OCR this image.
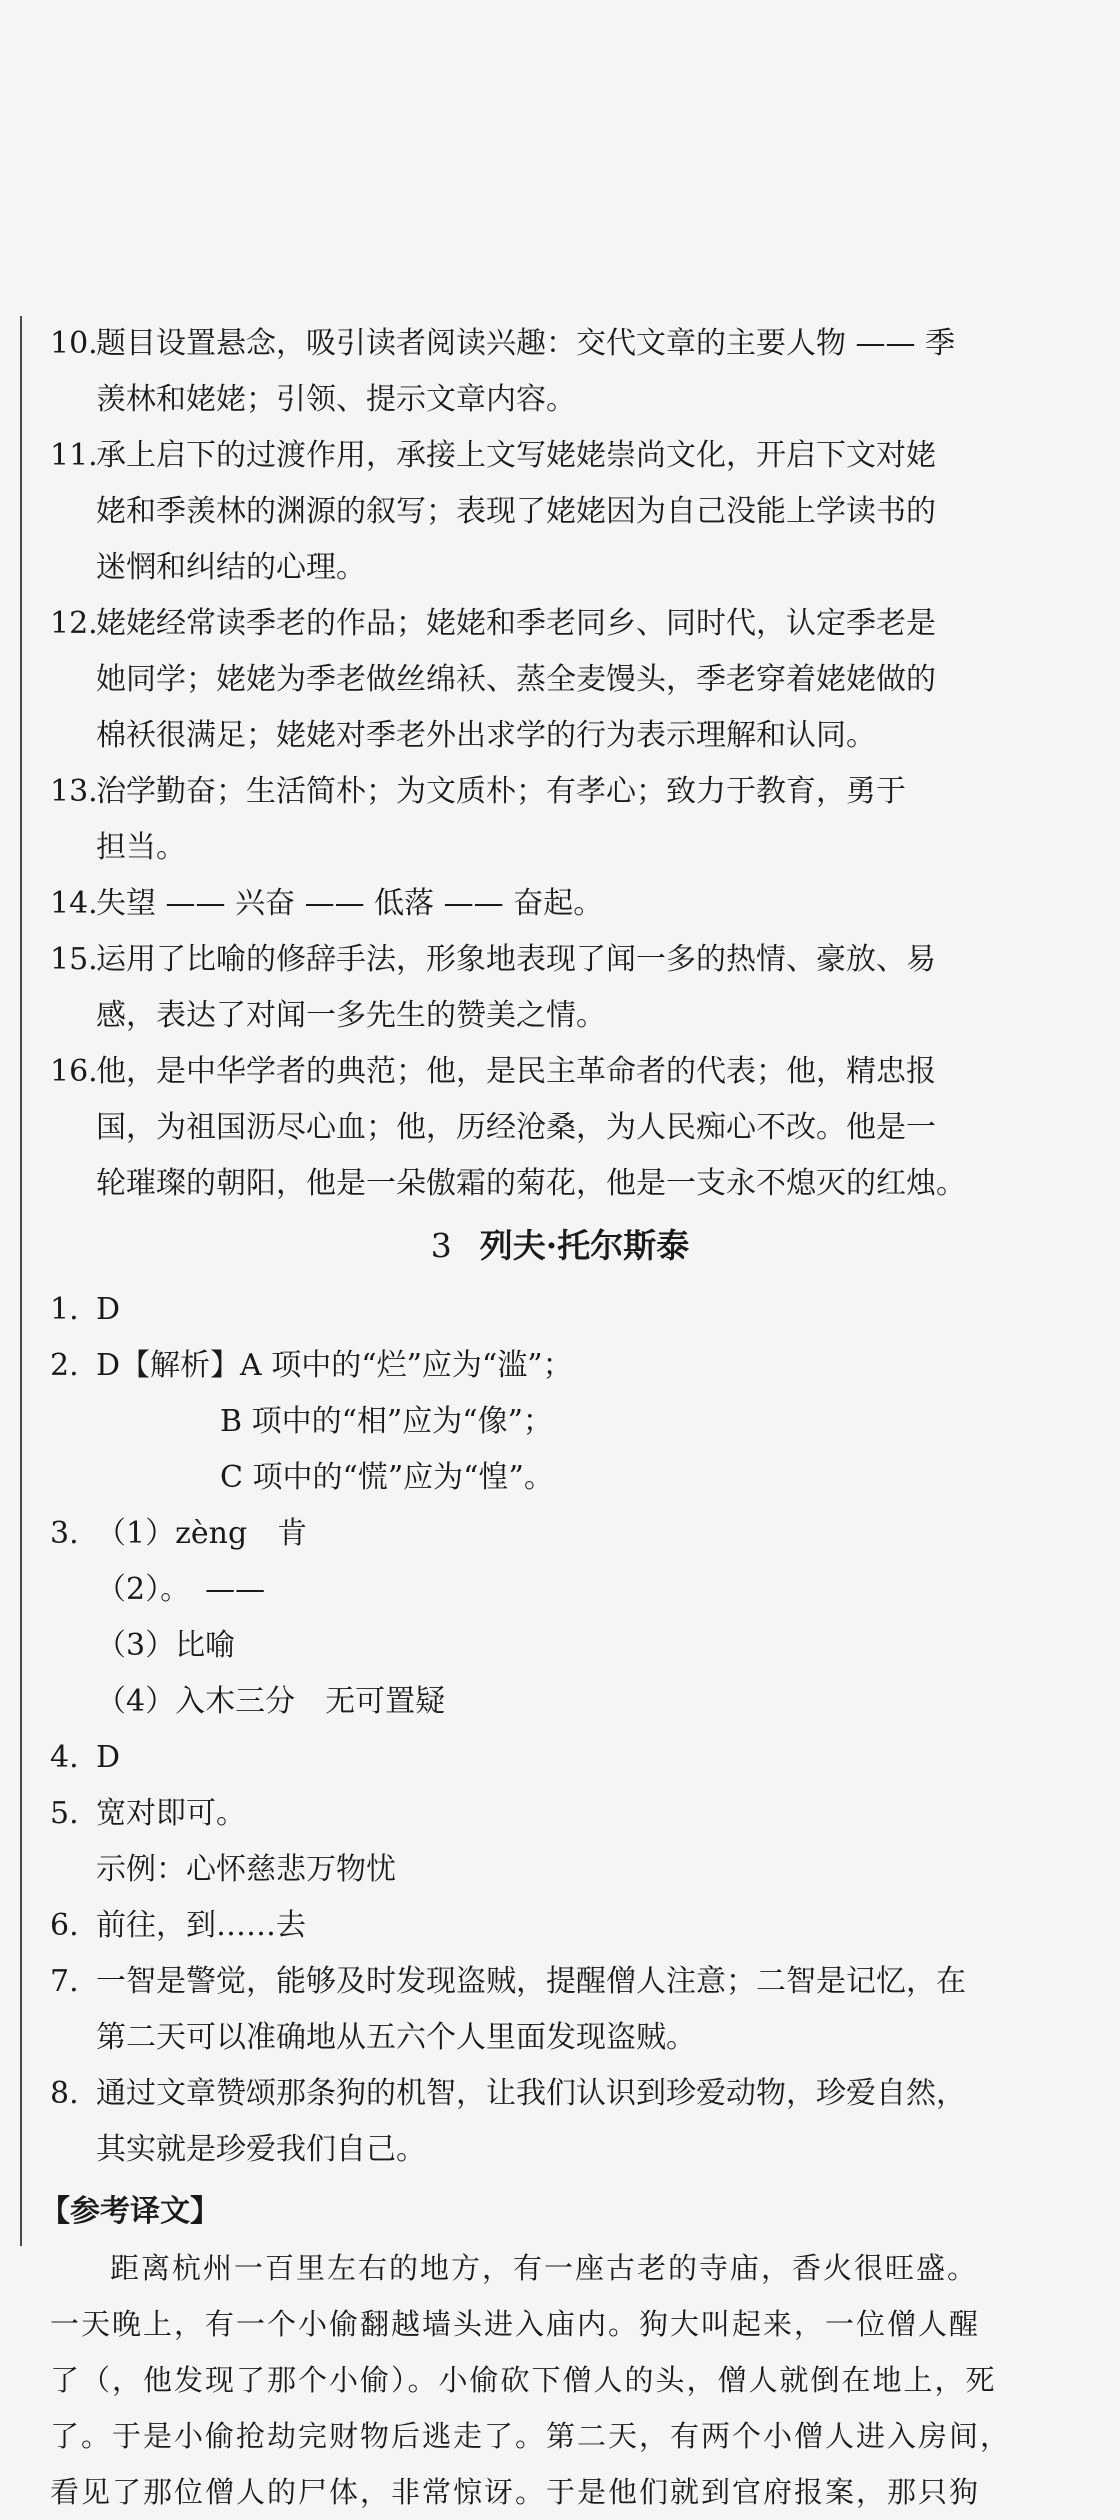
10.
题目设置悬念，吸引读者阅读兴趣：交代文章的主要人物 —— 季
羡林和姥姥；引领、提示文章内容。
11.
承上启下的过渡作用，承接上文写姥姥崇尚文化，开启下文对姥
姥和季羡林的渊源的叙写；表现了姥姥因为自己没能上学读书的
迷惘和纠结的心理。
12.
姥姥经常读季老的作品；姥姥和季老同乡、同时代，认定季老是
她同学；姥姥为季老做丝绵袄、蒸全麦馒头，季老穿着姥姥做的
棉袄很满足；姥姥对季老外出求学的行为表示理解和认同。
13.
治学勤奋；生活简朴；为文质朴；有孝心；致力于教育，勇于
担当。
14.
失望 —— 兴奋 —— 低落 —— 奋起。
15.
运用了比喻的修辞手法，形象地表现了闻一多的热情、豪放、易
感，表达了对闻一多先生的赞美之情。
16.
他，是中华学者的典范；他，是民主革命者的代表；他，精忠报
国，为祖国沥尽心血；他，历经沧桑，为人民痴心不改。他是一
轮璀璨的朝阳，他是一朵傲霜的菊花，他是一支永不熄灭的红烛。
3 列夫·托尔斯泰
1. D
2. D【解析】A 项中的“烂”应为“滥”；
B 项中的“相”应为“像”；
C 项中的“慌”应为“惶”。
3. （1）zèng　肯
（2）。　——
（3）比喻
（4）入木三分　无可置疑
4. D
5. 宽对即可。
示例：心怀慈悲万物忧
6. 前往，到……去
7. 一智是警觉，能够及时发现盗贼，提醒僧人注意；二智是记忆，在
第二天可以准确地从五六个人里面发现盗贼。
8. 通过文章赞颂那条狗的机智，让我们认识到珍爱动物，珍爱自然，
其实就是珍爱我们自己。
【参考译文】
距离杭州一百里左右的地方，有一座古老的寺庙，香火很旺盛。
一天晚上，有一个小偷翻越墙头进入庙内。狗大叫起来，一位僧人醒
了（，他发现了那个小偷）。小偷砍下僧人的头，僧人就倒在地上，死
了。于是小偷抢劫完财物后逃走了。第二天，有两个小僧人进入房间，
看见了那位僧人的尸体，非常惊讶。于是他们就到官府报案，那只狗
